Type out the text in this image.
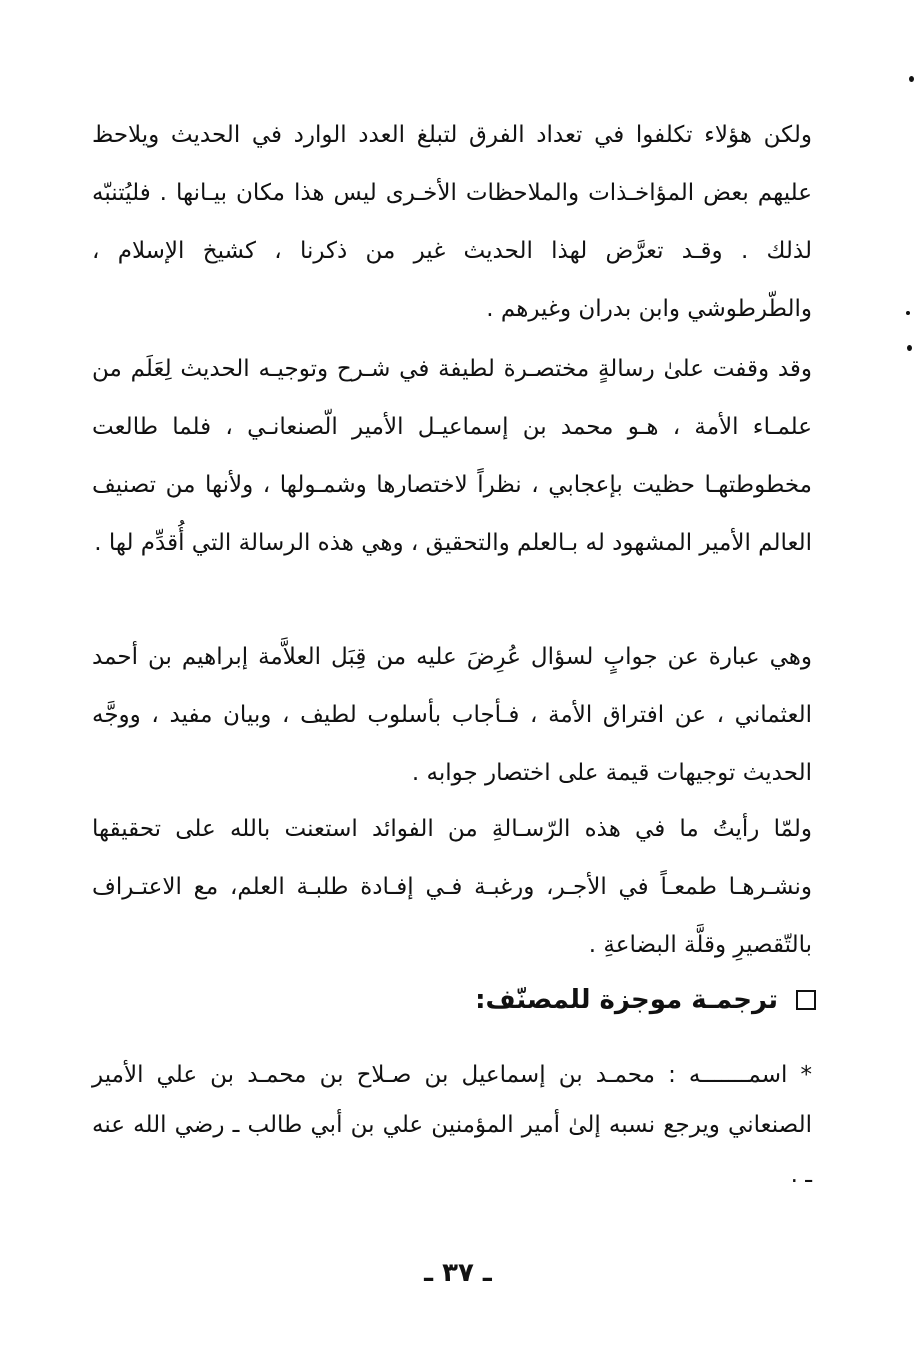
ولكن هؤلاء تكلفوا في تعداد الفرق لتبلغ العدد الوارد في الحديث ويلاحظ عليهم بعض المؤاخـذات والملاحظات الأخـرى ليس هذا مكان بيـانها . فليُتنبّه لذلك . وقـد تعرَّض لهذا الحديث غير من ذكرنا ، كشيخ الإسلام ، والطّرطوشي وابن بدران وغيرهم .

وقد وقفت علىٰ رسالةٍ مختصـرة لطيفة في شـرح وتوجيـه الحديث لِعَلَم من علمـاء الأمة ، هـو محمد بن إسماعيـل الأمير الّصنعانـي ، فلما طالعت مخطوطتهـا حظيت بإعجابي ، نظراً لاختصارها وشمـولها ، ولأنها من تصنيف العالم الأمير المشهود له بـالعلم والتحقيق ، وهي هذه الرسالة التي أُقدِّم لها .

وهي عبارة عن جوابٍ لسؤال عُرِضَ عليه من قِبَل العلاَّمة إبراهيم بن أحمد العثماني ، عن افتراق الأمة ، فـأجاب بأسلوب لطيف ، وبيان مفيد ، ووجَّه الحديث توجيهات قيمة على اختصار جوابه .

ولمّا رأيتُ ما في هذه الرّسـالةِ من الفوائد استعنت بالله على تحقيقها ونشـرهـا طمعـاً في الأجـر، ورغبـة فـي إفـادة طلبـة العلم، مع الاعتـراف بالتّقصيرِ وقلَّة البضاعةِ .

ترجمـة موجزة للمصنّف:

* اسمـــــــه : محمـد بن إسماعيل بن صـلاح بن محمـد بن علي الأمير الصنعاني ويرجع نسبه إلىٰ أمير المؤمنين علي بن أبي طالب ـ رضي الله عنه ـ .

ـ ٣٧ ـ
